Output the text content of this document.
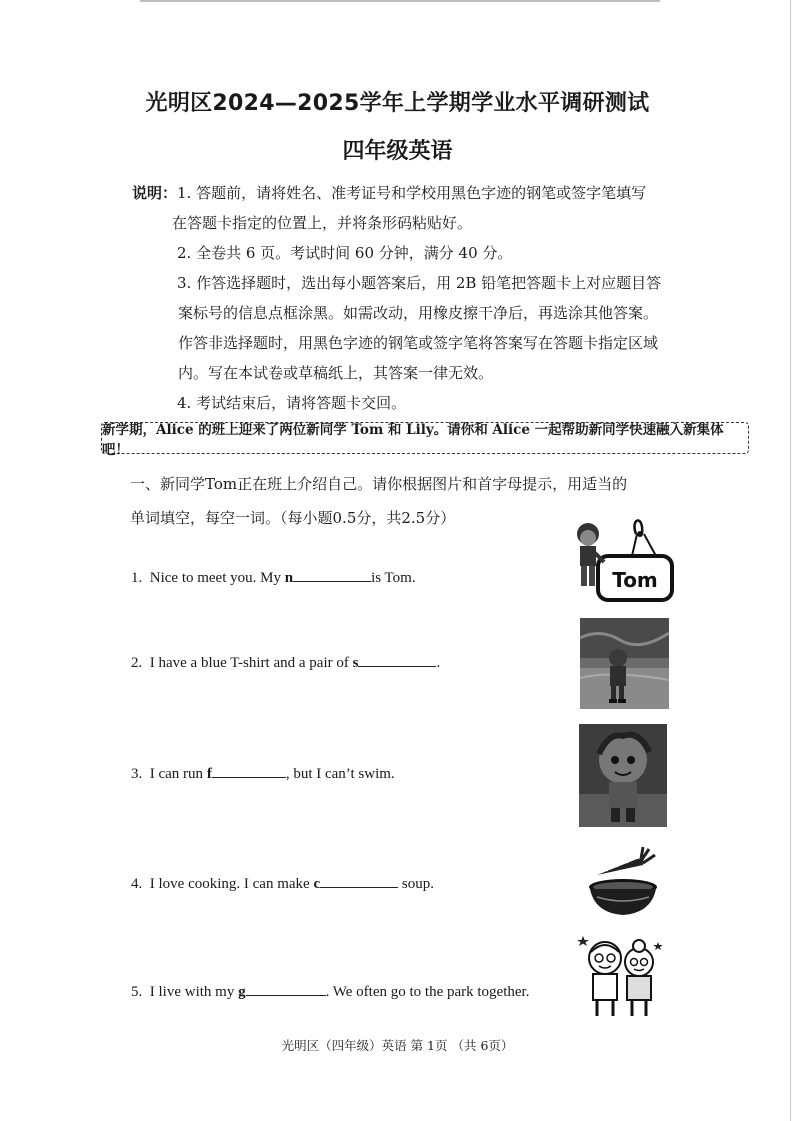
光明区2024—2025学年上学期学业水平调研测试
四年级英语
说明：1. 答题前，请将姓名、准考证号和学校用黑色字迹的钢笔或签字笔填写
在答题卡指定的位置上，并将条形码粘贴好。
2. 全卷共 6 页。考试时间 60 分钟，满分 40 分。
3. 作答选择题时，选出每小题答案后，用 2B 铅笔把答题卡上对应题目答
案标号的信息点框涂黑。如需改动，用橡皮擦干净后，再选涂其他答案。
作答非选择题时，用黑色字迹的钢笔或签字笔将答案写在答题卡指定区域
内。写在本试卷或草稿纸上，其答案一律无效。
4. 考试结束后，请将答题卡交回。
新学期，Alice 的班上迎来了两位新同学 Tom 和 Lily。请你和 Alice 一起帮助新同学快速融入新集体吧！
一、新同学Tom正在班上介绍自己。请你根据图片和首字母提示，用适当的
单词填空，每空一词。（每小题0.5分，共2.5分）
1. Nice to meet you. My n	is Tom.
2. I have a blue T-shirt and a pair of s	.
3. I can run f	, but I can’t swim.
4. I love cooking. I can make c	soup.
5. I live with my g	. We often go to the park together.
Tom
光明区（四年级）英语 第 1页 （共 6页）
